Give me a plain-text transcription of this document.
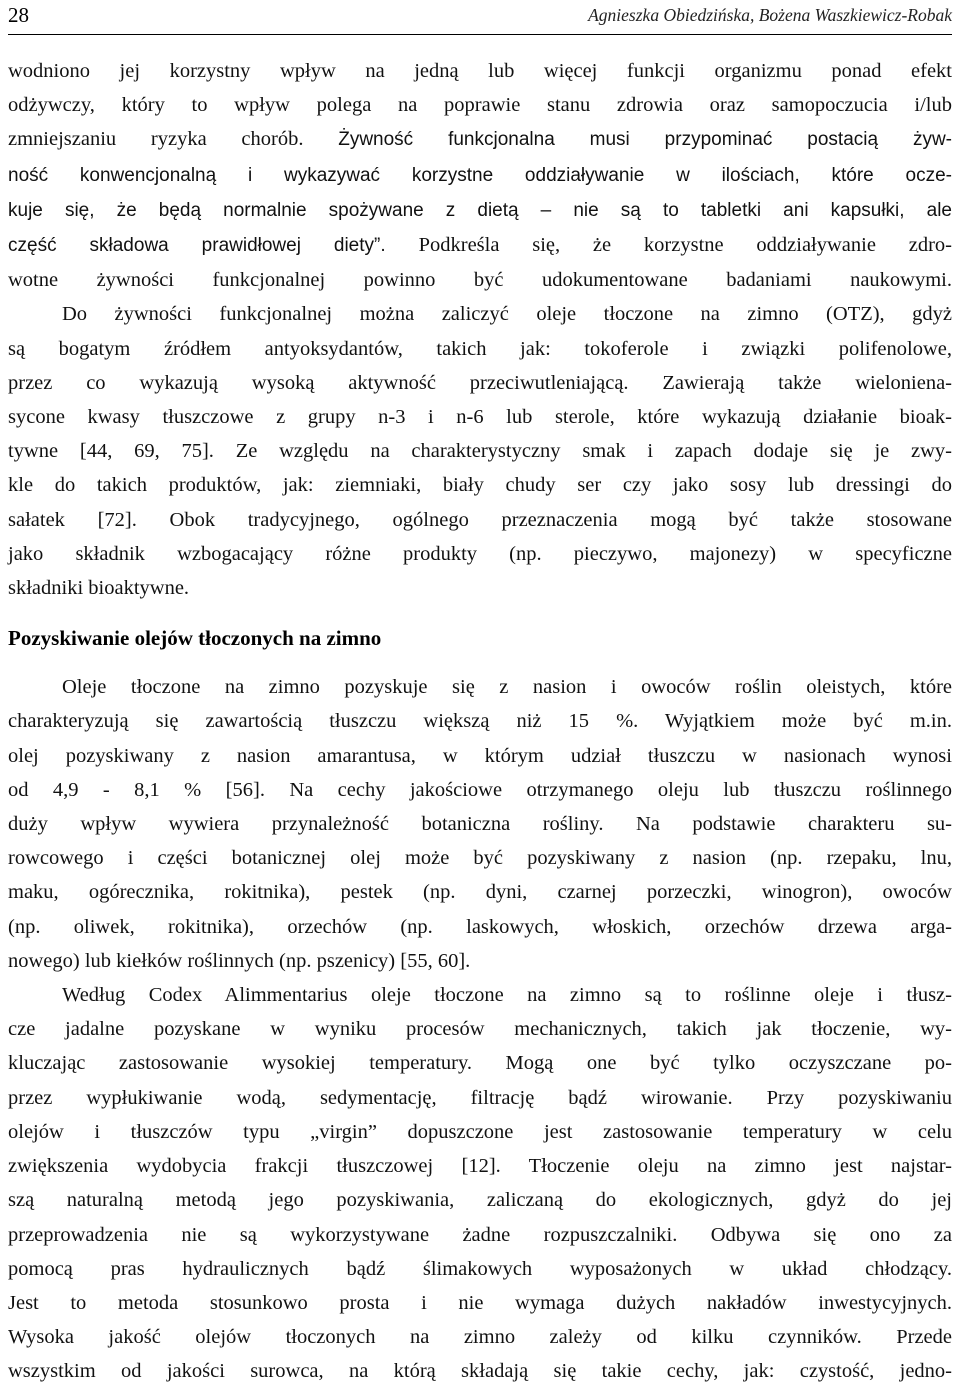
28	Agnieszka Obiedzińska, Bożena Waszkiewicz-Robak

wodniono jej korzystny wpływ na jedną lub więcej funkcji organizmu ponad efekt
odżywczy, który to wpływ polega na poprawie stanu zdrowia oraz samopoczucia i/lub
zmniejszaniu ryzyka chorób. Żywność funkcjonalna musi przypominać postacią żyw-
ność konwencjonalną i wykazywać korzystne oddziaływanie w ilościach, które ocze-
kuje się, że będą normalnie spożywane z dietą – nie są to tabletki ani kapsułki, ale
część składowa prawidłowej diety”. Podkreśla się, że korzystne oddziaływanie zdro-
wotne żywności funkcjonalnej powinno być udokumentowane badaniami naukowymi.

Do żywności funkcjonalnej można zaliczyć oleje tłoczone na zimno (OTZ), gdyż
są bogatym źródłem antyoksydantów, takich jak: tokoferole i związki polifenolowe,
przez co wykazują wysoką aktywność przeciwutleniającą. Zawierają także wielonienа-
sycone kwasy tłuszczowe z grupy n-3 i n-6 lub sterole, które wykazują działanie bioak-
tywne [44, 69, 75]. Ze względu na charakterystyczny smak i zapach dodaje się je zwy-
kle do takich produktów, jak: ziemniaki, biały chudy ser czy jako sosy lub dressingi do
sałatek [72]. Obok tradycyjnego, ogólnego przeznaczenia mogą być także stosowane
jako składnik wzbogacający różne produkty (np. pieczywo, majonezy) w specyficzne
składniki bioaktywne.

Pozyskiwanie olejów tłoczonych na zimno

Oleje tłoczone na zimno pozyskuje się z nasion i owoców roślin oleistych, które
charakteryzują się zawartością tłuszczu większą niż 15 %. Wyjątkiem może być m.in.
olej pozyskiwany z nasion amarantusa, w którym udział tłuszczu w nasionach wynosi
od 4,9 - 8,1 % [56]. Na cechy jakościowe otrzymanego oleju lub tłuszczu roślinnego
duży wpływ wywiera przynależność botaniczna rośliny. Na podstawie charakteru su-
rowcowego i części botanicznej olej może być pozyskiwany z nasion (np. rzepaku, lnu,
maku, ogórecznika, rokitnika), pestek (np. dyni, czarnej porzeczki, winogron), owoców
(np. oliwek, rokitnika), orzechów (np. laskowych, włoskich, orzechów drzewa arga-
nowego) lub kiełków roślinnych (np. pszenicy) [55, 60].

Według Codex Alimmentarius oleje tłoczone na zimno są to roślinne oleje i tłusz-
cze jadalne pozyskane w wyniku procesów mechanicznych, takich jak tłoczenie, wy-
kluczając zastosowanie wysokiej temperatury. Mogą one być tylko oczyszczane po-
przez wypłukiwanie wodą, sedymentację, filtrację bądź wirowanie. Przy pozyskiwaniu
olejów i tłuszczów typu „virgin” dopuszczone jest zastosowanie temperatury w celu
zwiększenia wydobycia frakcji tłuszczowej [12]. Tłoczenie oleju na zimno jest najstar-
szą naturalną metodą jego pozyskiwania, zaliczaną do ekologicznych, gdyż do jej
przeprowadzenia nie są wykorzystywane żadne rozpuszczalniki. Odbywa się ono za
pomocą pras hydraulicznych bądź ślimakowych wyposażonych w układ chłodzący.
Jest to metoda stosunkowo prosta i nie wymaga dużych nakładów inwestycyjnych.
Wysoka jakość olejów tłoczonych na zimno zależy od kilku czynników. Przede
wszystkim od jakości surowca, na którą składają się takie cechy, jak: czystość, jedno-
